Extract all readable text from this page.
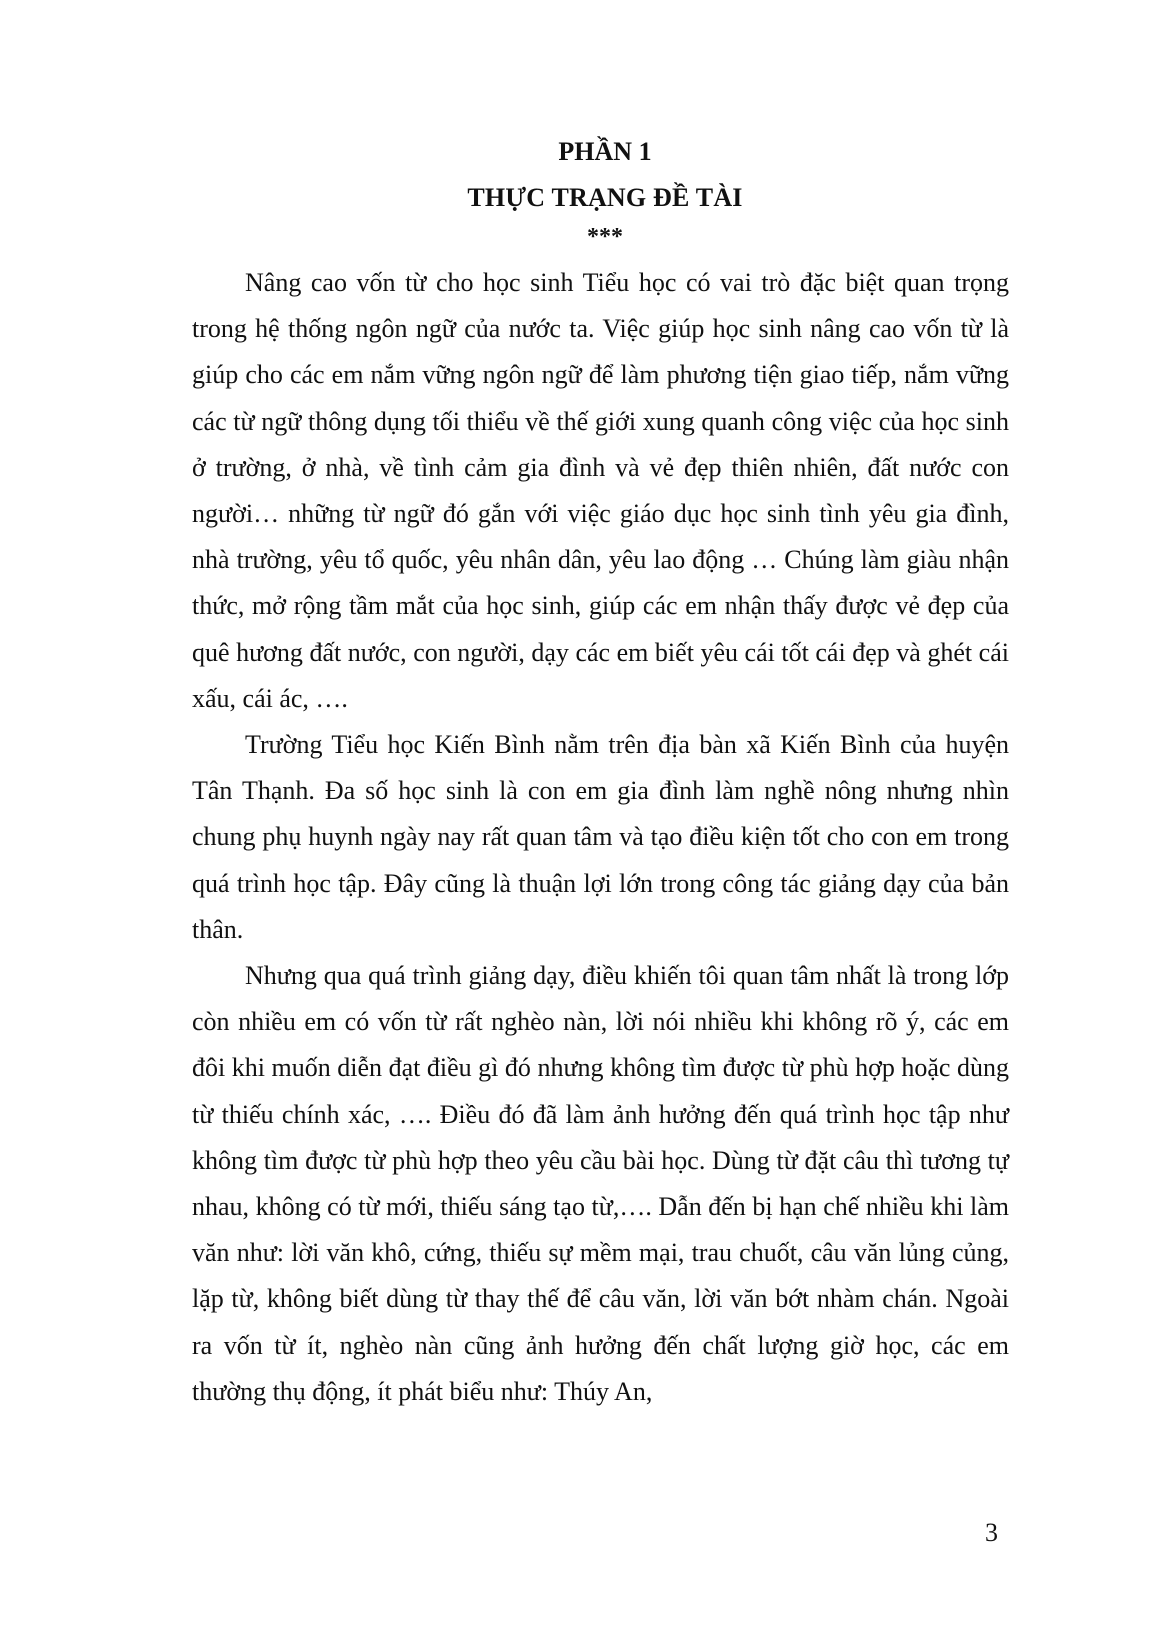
PHẦN 1
THỰC TRẠNG ĐỀ TÀI
***

Nâng cao vốn từ cho học sinh Tiểu học có vai trò đặc biệt quan trọng trong hệ thống ngôn ngữ của nước ta. Việc giúp học sinh nâng cao vốn từ là giúp cho các em nắm vững ngôn ngữ để làm phương tiện giao tiếp, nắm vững các từ ngữ thông dụng tối thiểu về thế giới xung quanh công việc của học sinh ở trường, ở nhà, về tình cảm gia đình và vẻ đẹp thiên nhiên, đất nước con người… những từ ngữ đó gắn với việc giáo dục học sinh tình yêu gia đình, nhà trường, yêu tổ quốc, yêu nhân dân, yêu lao động … Chúng làm giàu nhận thức, mở rộng tầm mắt của học sinh, giúp các em nhận thấy được vẻ đẹp của quê hương đất nước, con người, dạy các em biết yêu cái tốt cái đẹp và ghét cái xấu, cái ác, ….

Trường Tiểu học Kiến Bình nằm trên địa bàn xã Kiến Bình của huyện Tân Thạnh. Đa số học sinh là con em gia đình làm nghề nông nhưng nhìn chung phụ huynh ngày nay rất quan tâm và tạo điều kiện tốt cho con em trong quá trình học tập. Đây cũng là thuận lợi lớn trong công tác giảng dạy của bản thân.

Nhưng qua quá trình giảng dạy, điều khiến tôi quan tâm nhất là trong lớp còn nhiều em có vốn từ rất nghèo nàn, lời nói nhiều khi không rõ ý, các em đôi khi muốn diễn đạt điều gì đó nhưng không tìm được từ phù hợp hoặc dùng từ thiếu chính xác, …. Điều đó đã làm ảnh hưởng đến quá trình học tập như không tìm được từ phù hợp theo yêu cầu bài học. Dùng từ đặt câu thì tương tự nhau, không có từ mới, thiếu sáng tạo từ,…. Dẫn đến bị hạn chế nhiều khi làm văn như: lời văn khô, cứng, thiếu sự mềm mại, trau chuốt, câu văn lủng củng, lặp từ, không biết dùng từ thay thế để câu văn, lời văn bớt nhàm chán. Ngoài ra vốn từ ít, nghèo nàn cũng ảnh hưởng đến chất lượng giờ học, các em thường thụ động, ít phát biểu như: Thúy An,

3
